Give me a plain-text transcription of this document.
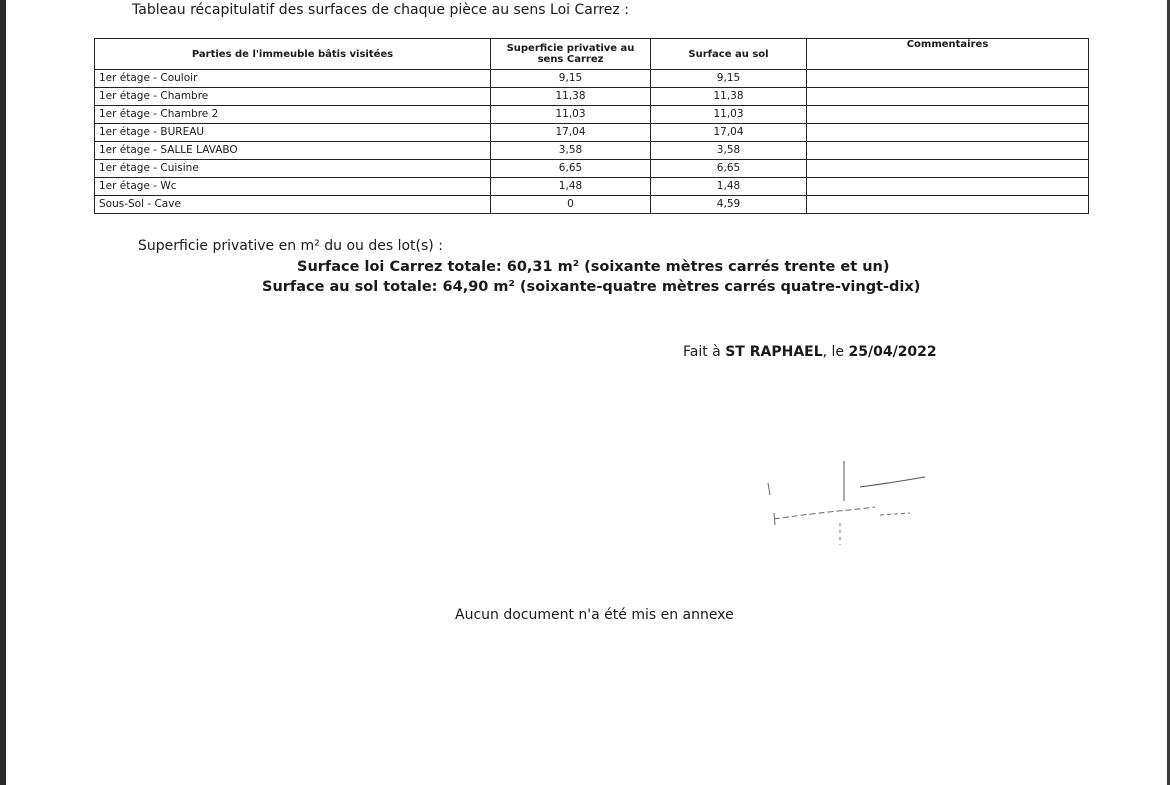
Tableau récapitulatif des surfaces de chaque pièce au sens Loi Carrez :
Parties de l'immeuble bâtis visitées	Superficie privative au sens Carrez	Surface au sol	Commentaires
1er étage - Couloir	9,15	9,15	
1er étage - Chambre	11,38	11,38	
1er étage - Chambre 2	11,03	11,03	
1er étage - BUREAU	17,04	17,04	
1er étage - SALLE LAVABO	3,58	3,58	
1er étage - Cuisine	6,65	6,65	
1er étage - Wc	1,48	1,48	
Sous-Sol - Cave	0	4,59	
Superficie privative en m² du ou des lot(s) :
Surface loi Carrez totale: 60,31 m² (soixante mètres carrés trente et un)
Surface au sol totale: 64,90 m² (soixante-quatre mètres carrés quatre-vingt-dix)
Fait à ST RAPHAEL, le 25/04/2022
Aucun document n'a été mis en annexe
